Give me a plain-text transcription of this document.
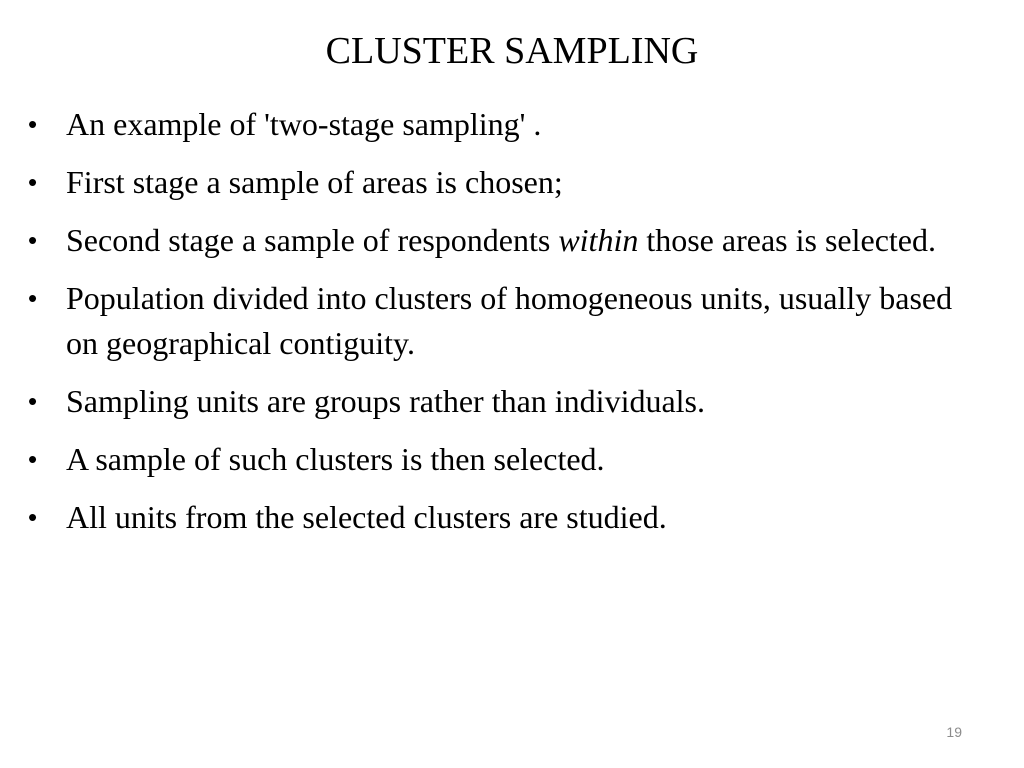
CLUSTER SAMPLING
• An example of 'two-stage sampling' .
• First stage a sample of areas is chosen;
• Second stage a sample of respondents within those areas is selected.
• Population divided into clusters of homogeneous units, usually based on geographical contiguity.
• Sampling units are groups rather than individuals.
• A sample of such clusters is then selected.
• All units from the selected clusters are studied.
19
